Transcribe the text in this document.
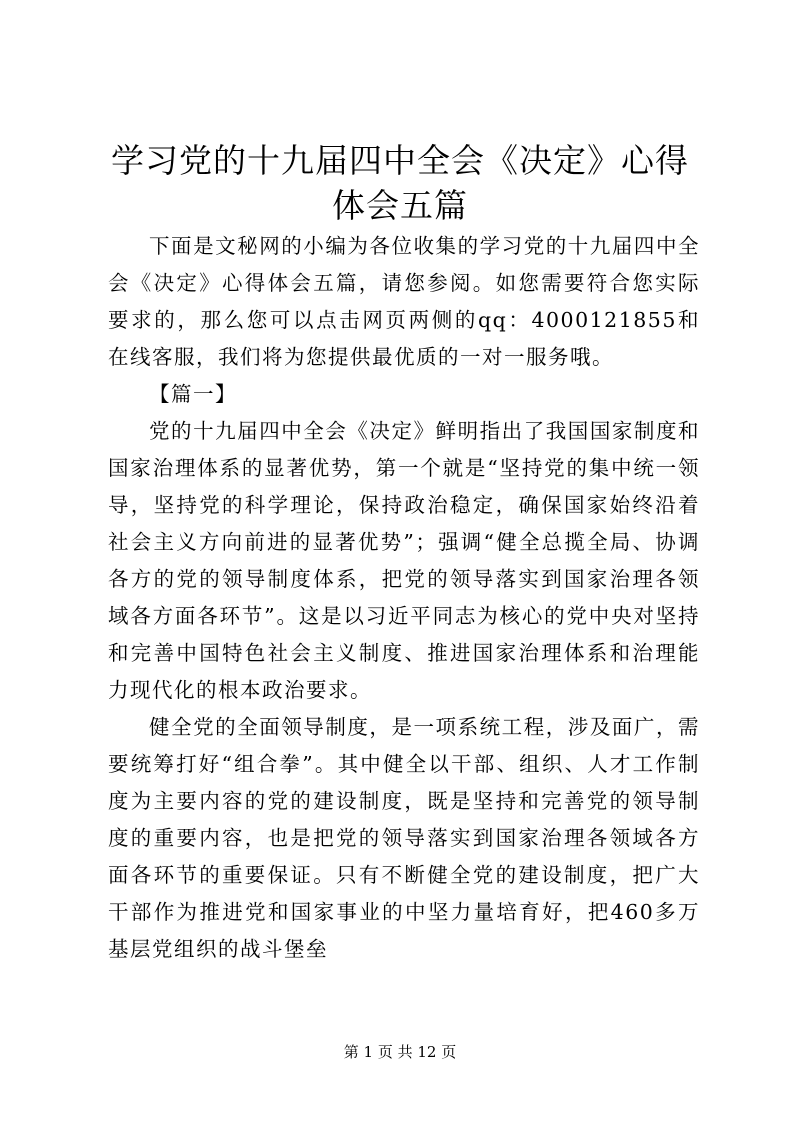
学习党的十九届四中全会《决定》心得体会五篇

下面是文秘网的小编为各位收集的学习党的十九届四中全会《决定》心得体会五篇，请您参阅。如您需要符合您实际要求的，那么您可以点击网页两侧的qq：4000121855和在线客服，我们将为您提供最优质的一对一服务哦。

【篇一】

党的十九届四中全会《决定》鲜明指出了我国国家制度和国家治理体系的显著优势，第一个就是“坚持党的集中统一领导，坚持党的科学理论，保持政治稳定，确保国家始终沿着社会主义方向前进的显著优势”；强调“健全总揽全局、协调各方的党的领导制度体系，把党的领导落实到国家治理各领域各方面各环节”。这是以习近平同志为核心的党中央对坚持和完善中国特色社会主义制度、推进国家治理体系和治理能力现代化的根本政治要求。

健全党的全面领导制度，是一项系统工程，涉及面广，需要统筹打好“组合拳”。其中健全以干部、组织、人才工作制度为主要内容的党的建设制度，既是坚持和完善党的领导制度的重要内容，也是把党的领导落实到国家治理各领域各方面各环节的重要保证。只有不断健全党的建设制度，把广大干部作为推进党和国家事业的中坚力量培育好，把460多万基层党组织的战斗堡垒

第 1 页 共 12 页
